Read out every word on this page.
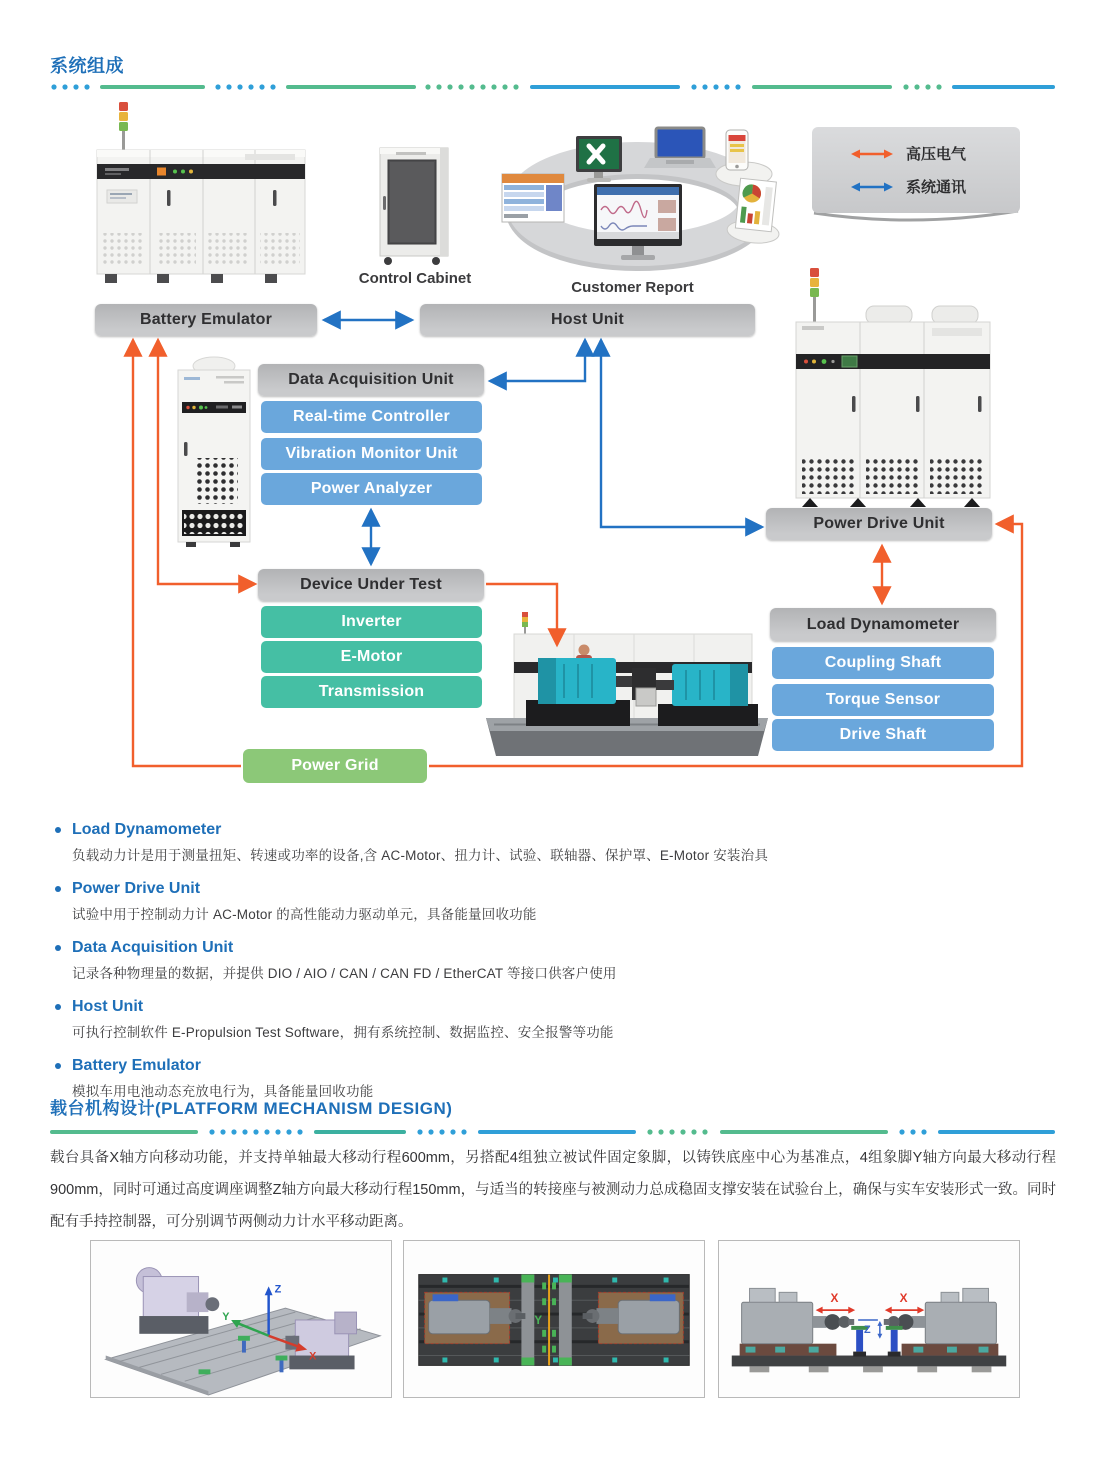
系统组成
Control Cabinet
Customer Report
高压电气
系统通讯
Battery Emulator	Host Unit
Data Acquisition Unit
Real-time Controller
Vibration Monitor Unit
Power Analyzer
Device Under Test
Inverter
E-Motor
Transmission
Power Grid
Power Drive Unit
Load Dynamometer
Coupling Shaft
Torque Sensor
Drive Shaft
Load Dynamometer
负载动力计是用于测量扭矩、转速或功率的设备,含 AC-Motor、扭力计、试验、联轴器、保护罩、E-Motor 安装治具
Power Drive Unit
试验中用于控制动力计 AC-Motor 的高性能动力驱动单元，具备能量回收功能
Data Acquisition Unit
记录各种物理量的数据，并提供 DIO / AIO / CAN / CAN FD / EtherCAT 等接口供客户使用
Host Unit
可执行控制软件 E-Propulsion Test Software，拥有系统控制、数据监控、安全报警等功能
Battery Emulator
模拟车用电池动态充放电行为，具备能量回收功能
载台机构设计(PLATFORM MECHANISM DESIGN)

载台具备X轴方向移动功能，并支持单轴最大移动行程600mm，另搭配4组独立被试件固定象脚，以铸铁底座中心为基准点，4组象脚Y轴方向最大移动行程900mm，同时可通过高度调座调整Z轴方向最大移动行程150mm，与适当的转接座与被测动力总成稳固支撑安装在试验台上，确保与实车安装形式一致。同时配有手持控制器，可分别调节两侧动力计水平移动距离。

Z
Y
X
Y
X	X
Z
